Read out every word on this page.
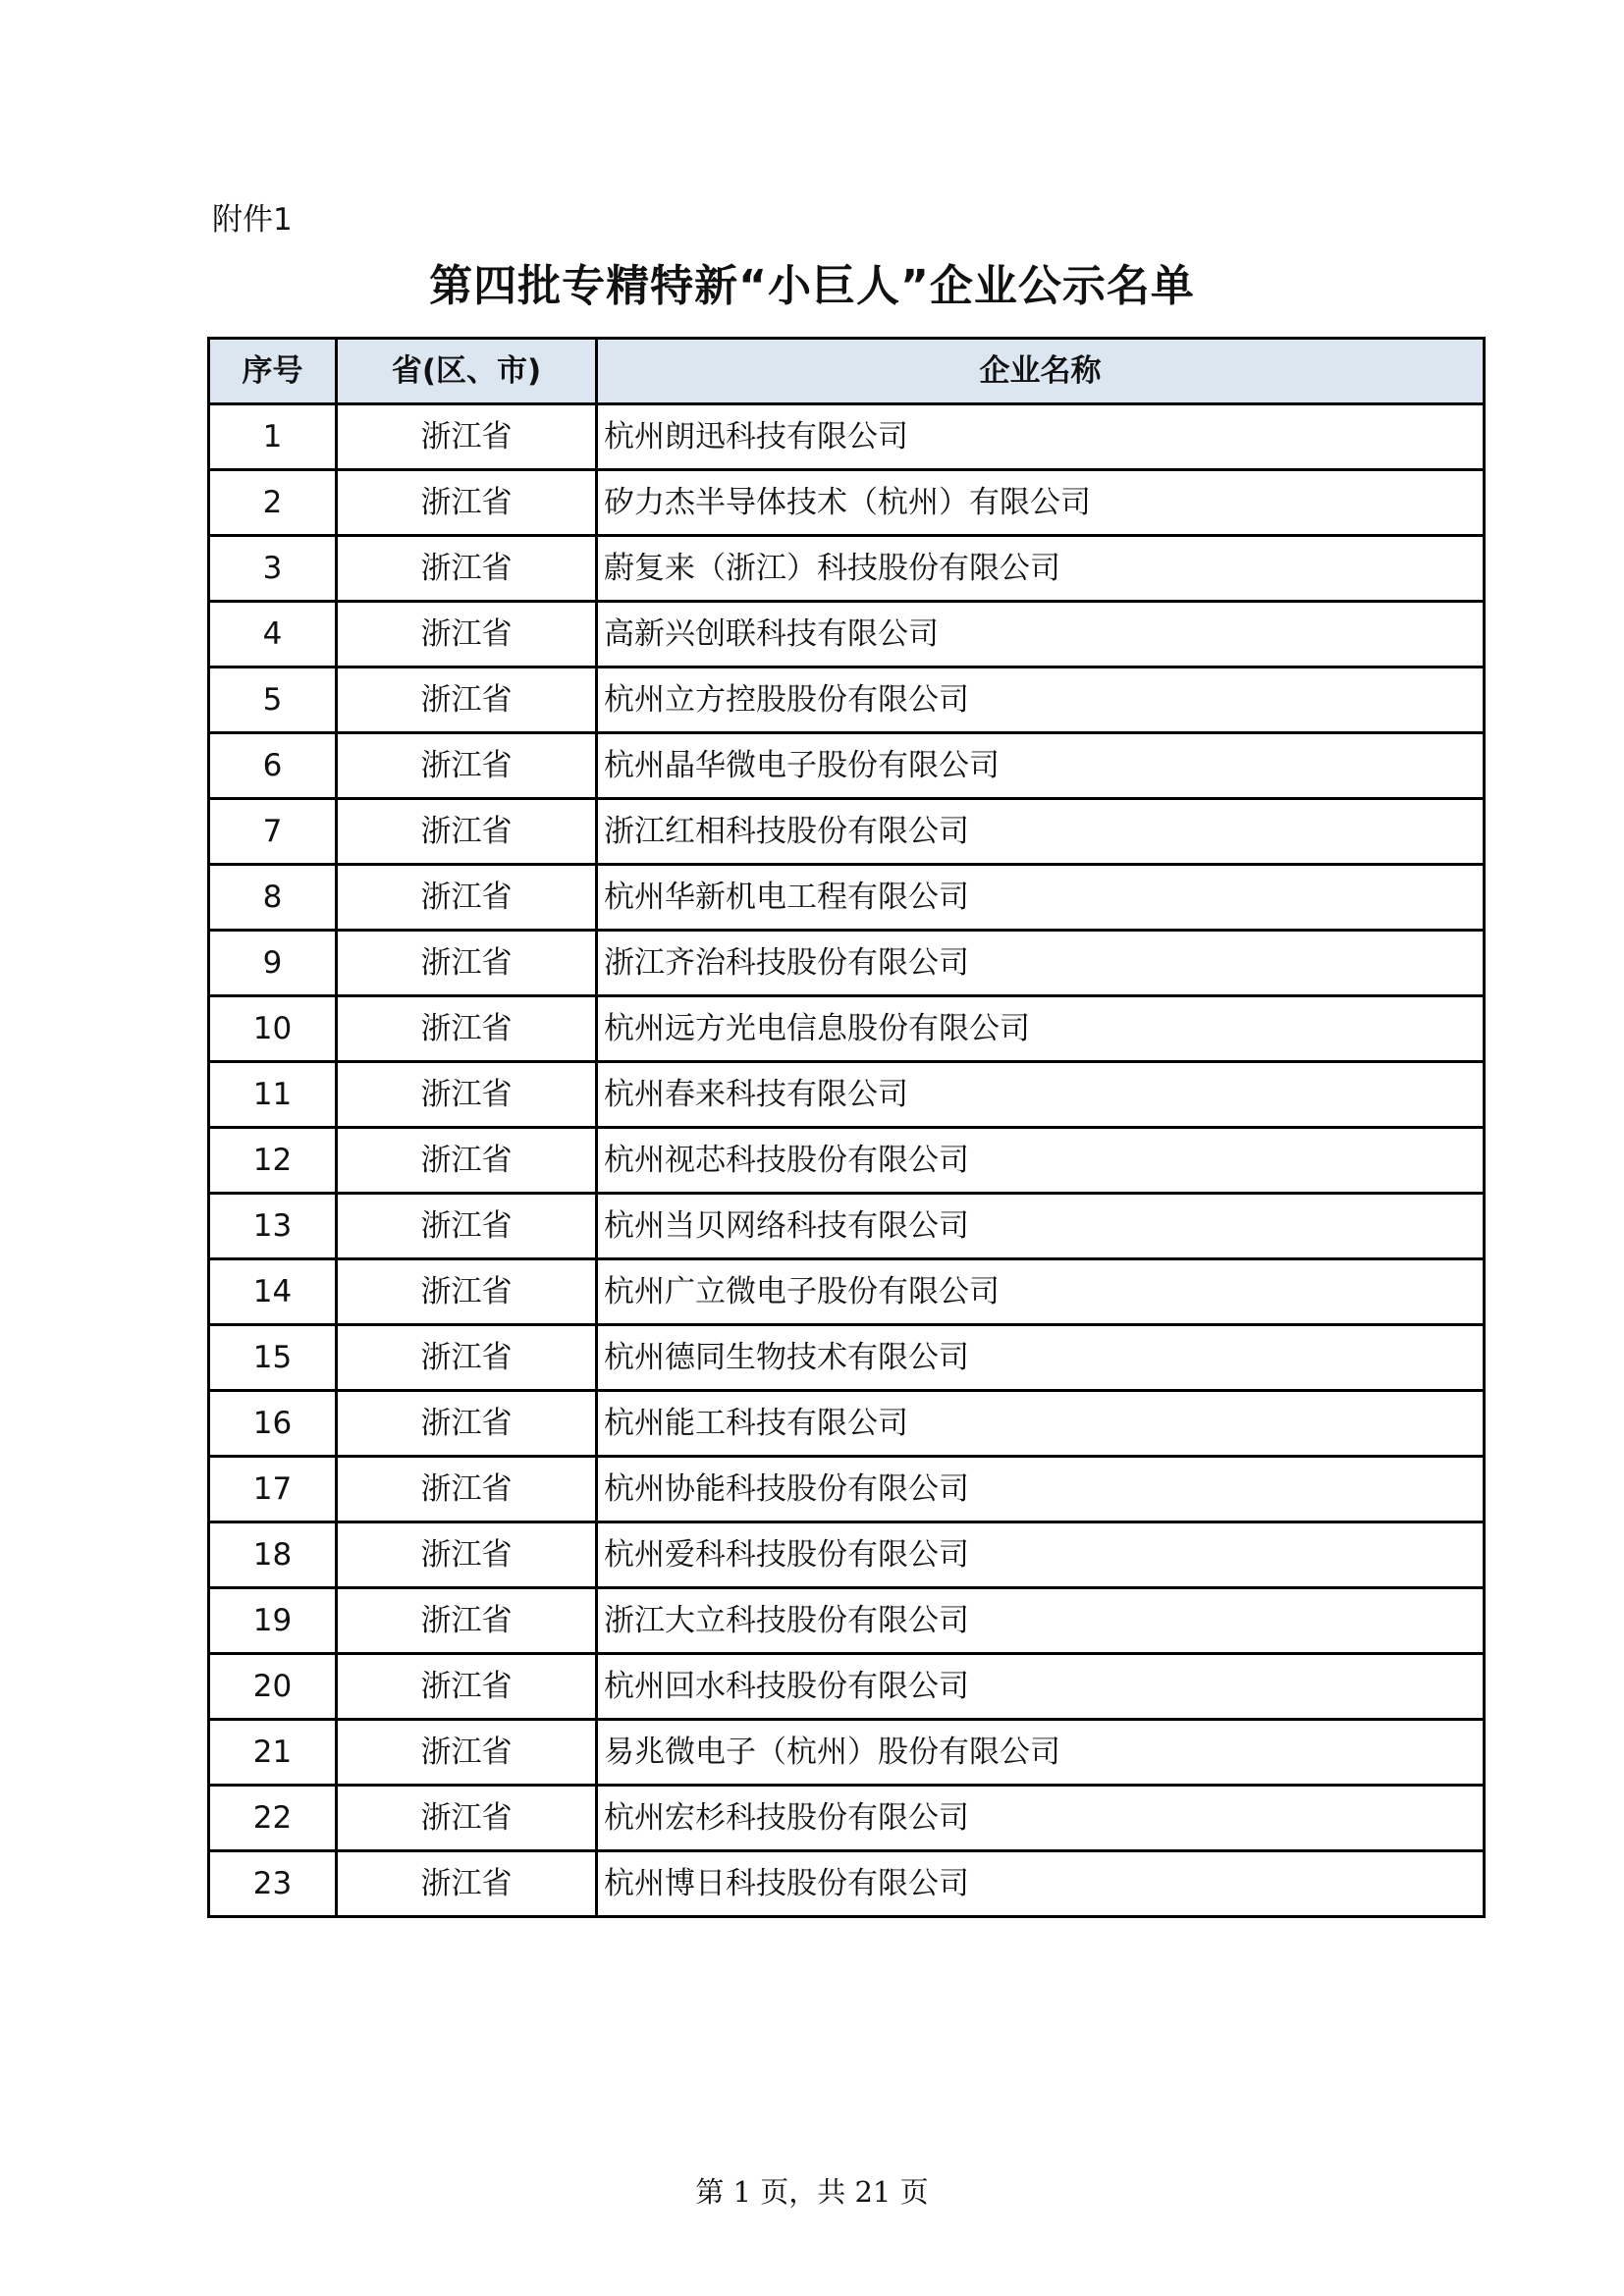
附件1
第四批专精特新“小巨人”企业公示名单
序号	省(区、市)	企业名称
1	浙江省	杭州朗迅科技有限公司
2	浙江省	矽力杰半导体技术（杭州）有限公司
3	浙江省	蔚复来（浙江）科技股份有限公司
4	浙江省	高新兴创联科技有限公司
5	浙江省	杭州立方控股股份有限公司
6	浙江省	杭州晶华微电子股份有限公司
7	浙江省	浙江红相科技股份有限公司
8	浙江省	杭州华新机电工程有限公司
9	浙江省	浙江齐治科技股份有限公司
10	浙江省	杭州远方光电信息股份有限公司
11	浙江省	杭州春来科技有限公司
12	浙江省	杭州视芯科技股份有限公司
13	浙江省	杭州当贝网络科技有限公司
14	浙江省	杭州广立微电子股份有限公司
15	浙江省	杭州德同生物技术有限公司
16	浙江省	杭州能工科技有限公司
17	浙江省	杭州协能科技股份有限公司
18	浙江省	杭州爱科科技股份有限公司
19	浙江省	浙江大立科技股份有限公司
20	浙江省	杭州回水科技股份有限公司
21	浙江省	易兆微电子（杭州）股份有限公司
22	浙江省	杭州宏杉科技股份有限公司
23	浙江省	杭州博日科技股份有限公司
第 1 页，共 21 页
